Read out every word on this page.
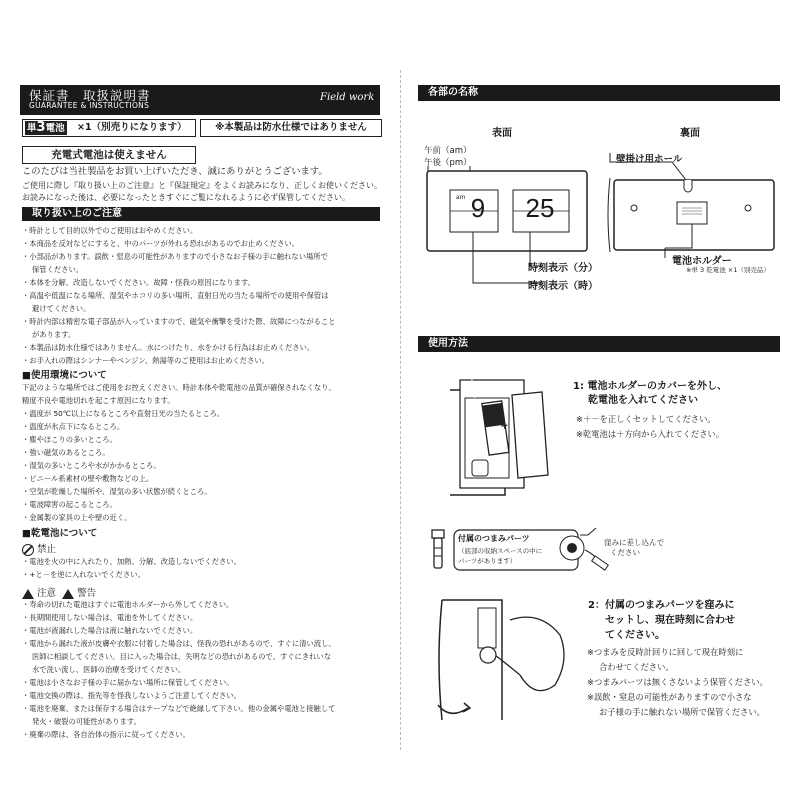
保証書　取扱説明書
GUARANTEE & INSTRUCTIONS
Field work
単3電池 ×1（別売りになります）	※本製品は防水仕様ではありません
充電式電池は使えません
このたびは当社製品をお買い上げいただき、誠にありがとうございます。
ご使用に際し『取り扱い上のご注意』と『保証規定』をよくお読みになり、正しくお使いください。
お読みになった後は、必要になったときすぐにご覧になれるように必ず保管してください。
取り扱い上のご注意
・時計として目的以外でのご使用はおやめください。
・本商品を反対などにすると、中のパーツが外れる恐れがあるのでお止めください。
・小部品があります。誤飲・窒息の可能性がありますので小さなお子様の手に触れない場所で
保管ください。
・本体を分解、改造しないでください。故障・怪我の原因になります。
・高温や低温になる場所、湿気やホコリの多い場所、直射日光の当たる場所での使用や保管は
避けてください。
・時計内部は精密な電子部品が入っていますので、磁気や衝撃を受けた際、故障につながること
があります。
・本製品は防水仕様ではありません。水につけたり、水をかける行為はお止めください。
・お手入れの際はシンナーやベンジン、熱湯等のご使用はお止めください。
■使用環境について
下記のような場所ではご使用をお控えください。時計本体や乾電池の品質が確保されなくなり、
精度不良や電池切れを起こす原因になります。
・温度が 50℃以上になるところや直射日光の当たるところ。
・温度が氷点下になるところ。
・塵やほこりの多いところ。
・強い磁気のあるところ。
・湿気の多いところや水がかかるところ。
・ビニール系素材の壁や敷物などの上。
・空気が乾燥した場所や、湿気の多い状態が続くところ。
・電波障害の起こるところ。
・金属製の家具の上や壁の近く。
■乾電池について
禁止
・電池を火の中に入れたり、加熱、分解、改造しないでください。
・+と－を逆に入れないでください。
注意 警告
・寿命の切れた電池はすぐに電池ホルダーから外してください。
・長期間使用しない場合は、電池を外してください。
・電池が液漏れした場合は液に触れないでください。
・電池から漏れた液が皮膚や衣服に付着した場合は、怪我の恐れがあるので、すぐに清い流し、
医師に相談してください。目に入った場合は、失明などの恐れがあるので、すぐにきれいな
水で洗い流し、医師の治療を受けてください。
・電池は小さなお子様の手に届かない場所に保管してください。
・電池交換の際は、指先等を怪我しないようご注意してください。
・電池を廃棄、または保存する場合はテープなどで絶縁して下さい。他の金属や電池と接触して
発火・破裂の可能性があります。
・廃棄の際は、各自治体の指示に従ってください。
各部の名称
表面	裏面
午前（am）
午後（pm）
am 9	25
時刻表示（分）
時刻表示（時）
壁掛け用ホール
電池ホルダー
※単 3 乾電池 ×1（別売品）
使用方法
+
QUARTZ	1: 電池ホルダーのカバーを外し、
乾電池を入れてください
※＋－を正しくセットしてください。
※乾電池は＋方向から入れてください。
付属のつまみパーツ
（底部の収納スペースの中に
パーツがあります）
窪みに差し込んで
ください
2：付属のつまみパーツを窪みに
セットし、現在時刻に合わせ
てください。
※つまみを反時計回りに回して現在時刻に
合わせてください。
※つまみパーツは無くさないよう保管ください。
※誤飲・窒息の可能性がありますので小さな
お子様の手に触れない場所で保管ください。
